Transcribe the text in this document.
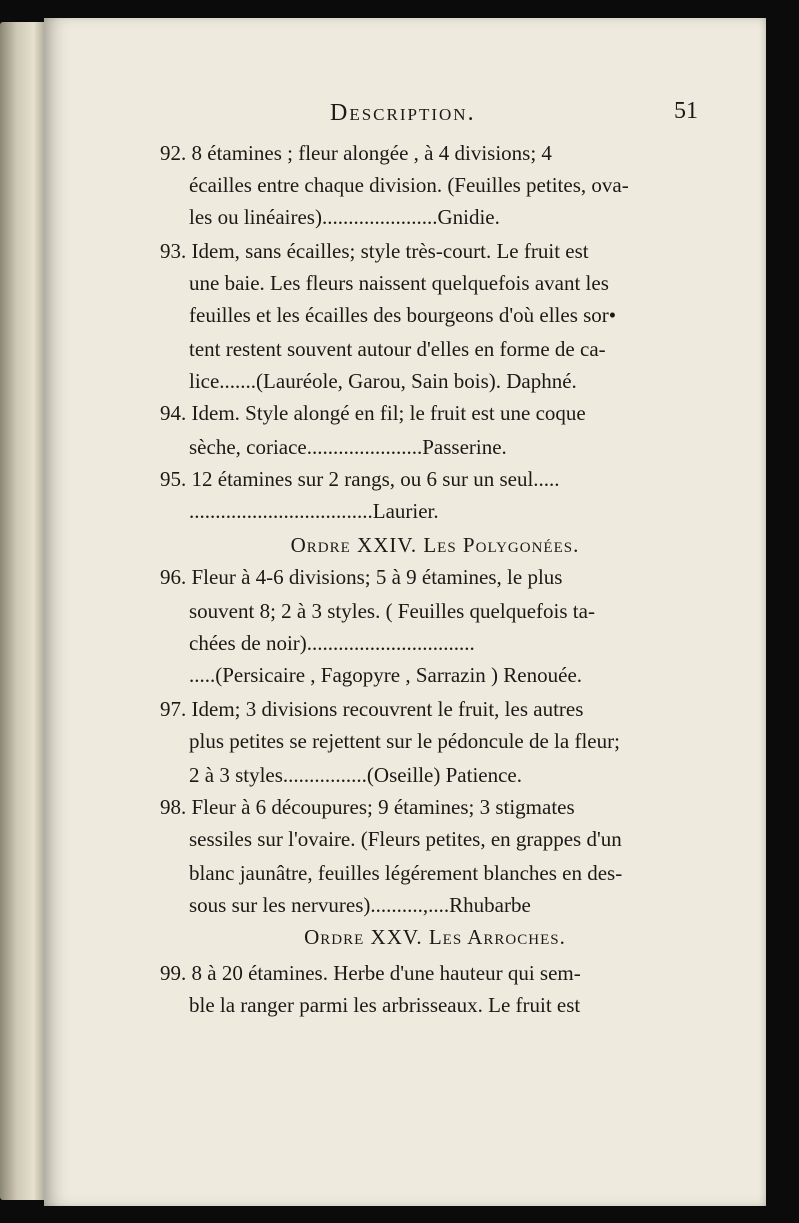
Description.	51
92. 8 étamines ; fleur alongée , à 4 divisions; 4
écailles entre chaque division. (Feuilles petites, ova-
les ou linéaires)......................Gnidie.
93. Idem, sans écailles; style très-court. Le fruit est
une baie. Les fleurs naissent quelquefois avant les
feuilles et les écailles des bourgeons d'où elles sor•
tent restent souvent autour d'elles en forme de ca-
lice.......(Lauréole, Garou, Sain bois). Daphné.
94. Idem. Style alongé en fil; le fruit est une coque
sèche, coriace......................Passerine.
95. 12 étamines sur 2 rangs, ou 6 sur un seul.....
...................................Laurier.
Ordre XXIV. Les Polygonées.
96. Fleur à 4-6 divisions; 5 à 9 étamines, le plus
souvent 8; 2 à 3 styles. ( Feuilles quelquefois ta-
chées de noir)................................
.....(Persicaire , Fagopyre , Sarrazin ) Renouée.
97. Idem; 3 divisions recouvrent le fruit, les autres
plus petites se rejettent sur le pédoncule de la fleur;
2 à 3 styles................(Oseille) Patience.
98. Fleur à 6 découpures; 9 étamines; 3 stigmates
sessiles sur l'ovaire. (Fleurs petites, en grappes d'un
blanc jaunâtre, feuilles légérement blanches en des-
sous sur les nervures)..........,....Rhubarbe
Ordre XXV. Les Arroches.
99. 8 à 20 étamines. Herbe d'une hauteur qui sem-
ble la ranger parmi les arbrisseaux. Le fruit est
